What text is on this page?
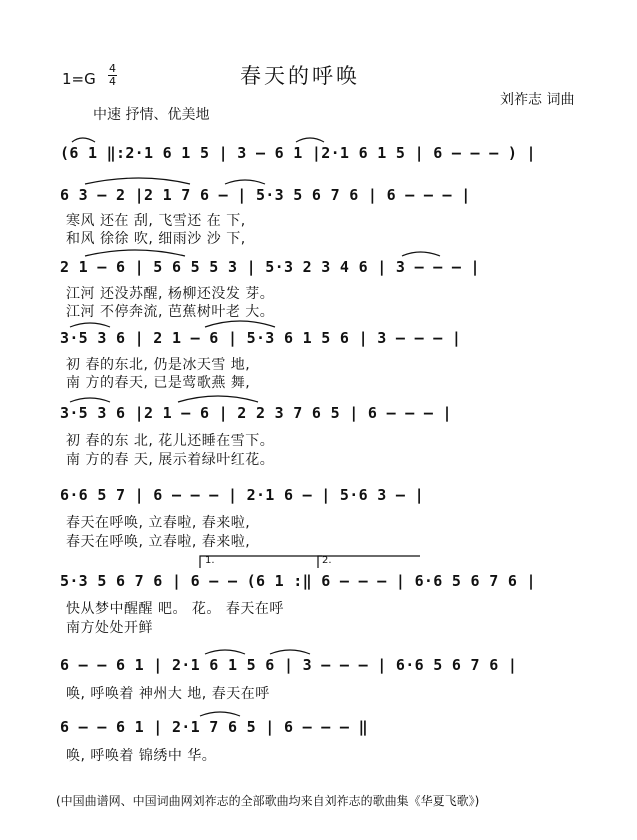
1=G
4
4	春天的呼唤
刘祚志 词曲
中速 抒情、优美地
(6 1 ‖:2·1 6 1 5 | 3 — 6 1 |2·1 6 1 5 | 6 — — — ) |
6 3 — 2 |2 1 7 6 — | 5·3 5 6 7 6 | 6 — — — |
寒风 还在 刮, 飞雪还 在 下,
和风 徐徐 吹, 细雨沙 沙 下,
2 1 — 6 | 5 6 5 5 3 | 5·3 2 3 4 6 | 3 — — — |
江河 还没苏醒, 杨柳还没发 芽。
江河 不停奔流, 芭蕉树叶老 大。
3·5 3 6 | 2 1 — 6 | 5·3 6 1 5 6 | 3 — — — |
初 春的东北, 仍是冰天雪 地,
南 方的春天, 已是莺歌燕 舞,
3·5 3 6 |2 1 — 6 | 2 2 3 7 6 5 | 6 — — — |
初 春的东 北, 花儿还睡在雪下。
南 方的春 天, 展示着绿叶红花。
6·6 5 7 | 6 — — — | 2·1 6 — | 5·6 3 — |
春天在呼唤, 立春啦, 春来啦,
春天在呼唤, 立春啦, 春来啦,
1.	2.
5·3 5 6 7 6 | 6 — — (6 1 :‖ 6 — — — | 6·6 5 6 7 6 |
快从梦中醒醒 吧。 花。 春天在呼
南方处处开鲜
6 — — 6 1 | 2·1 6 1 5 6 | 3 — — — | 6·6 5 6 7 6 |
唤, 呼唤着 神州大 地, 春天在呼
6 — — 6 1 | 2·1 7 6 5 | 6 — — — ‖
唤, 呼唤着 锦绣中 华。
(中国曲谱网、中国词曲网刘祚志的全部歌曲均来自刘祚志的歌曲集《华夏飞歌》)
